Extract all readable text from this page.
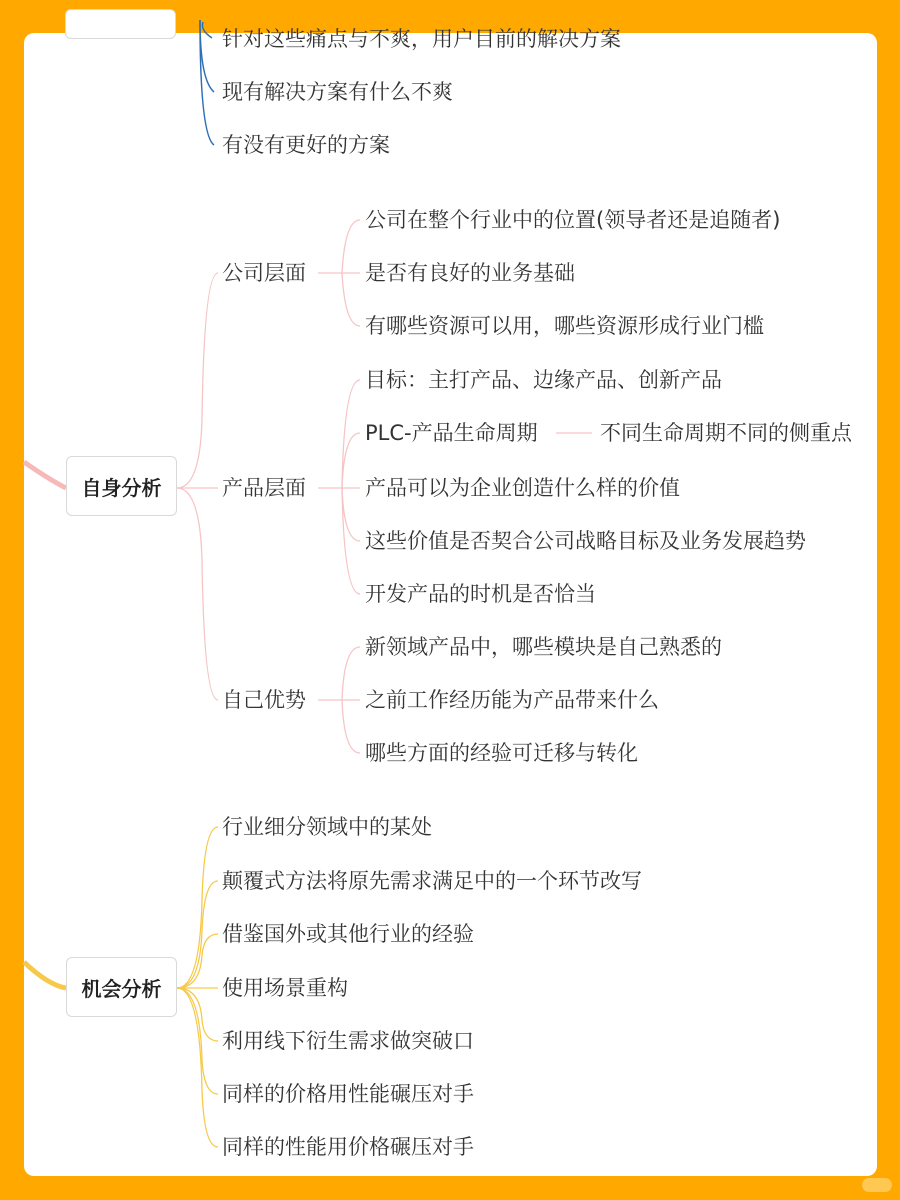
针对这些痛点与不爽，用户目前的解决方案
现有解决方案有什么不爽
有没有更好的方案
自身分析
公司层面
公司在整个行业中的位置(领导者还是追随者)
是否有良好的业务基础
有哪些资源可以用，哪些资源形成行业门槛
产品层面
目标：主打产品、边缘产品、创新产品
PLC-产品生命周期	不同生命周期不同的侧重点
产品可以为企业创造什么样的价值
这些价值是否契合公司战略目标及业务发展趋势
开发产品的时机是否恰当
自己优势
新领域产品中，哪些模块是自己熟悉的
之前工作经历能为产品带来什么
哪些方面的经验可迁移与转化
机会分析
行业细分领域中的某处
颠覆式方法将原先需求满足中的一个环节改写
借鉴国外或其他行业的经验
使用场景重构
利用线下衍生需求做突破口
同样的价格用性能碾压对手
同样的性能用价格碾压对手
